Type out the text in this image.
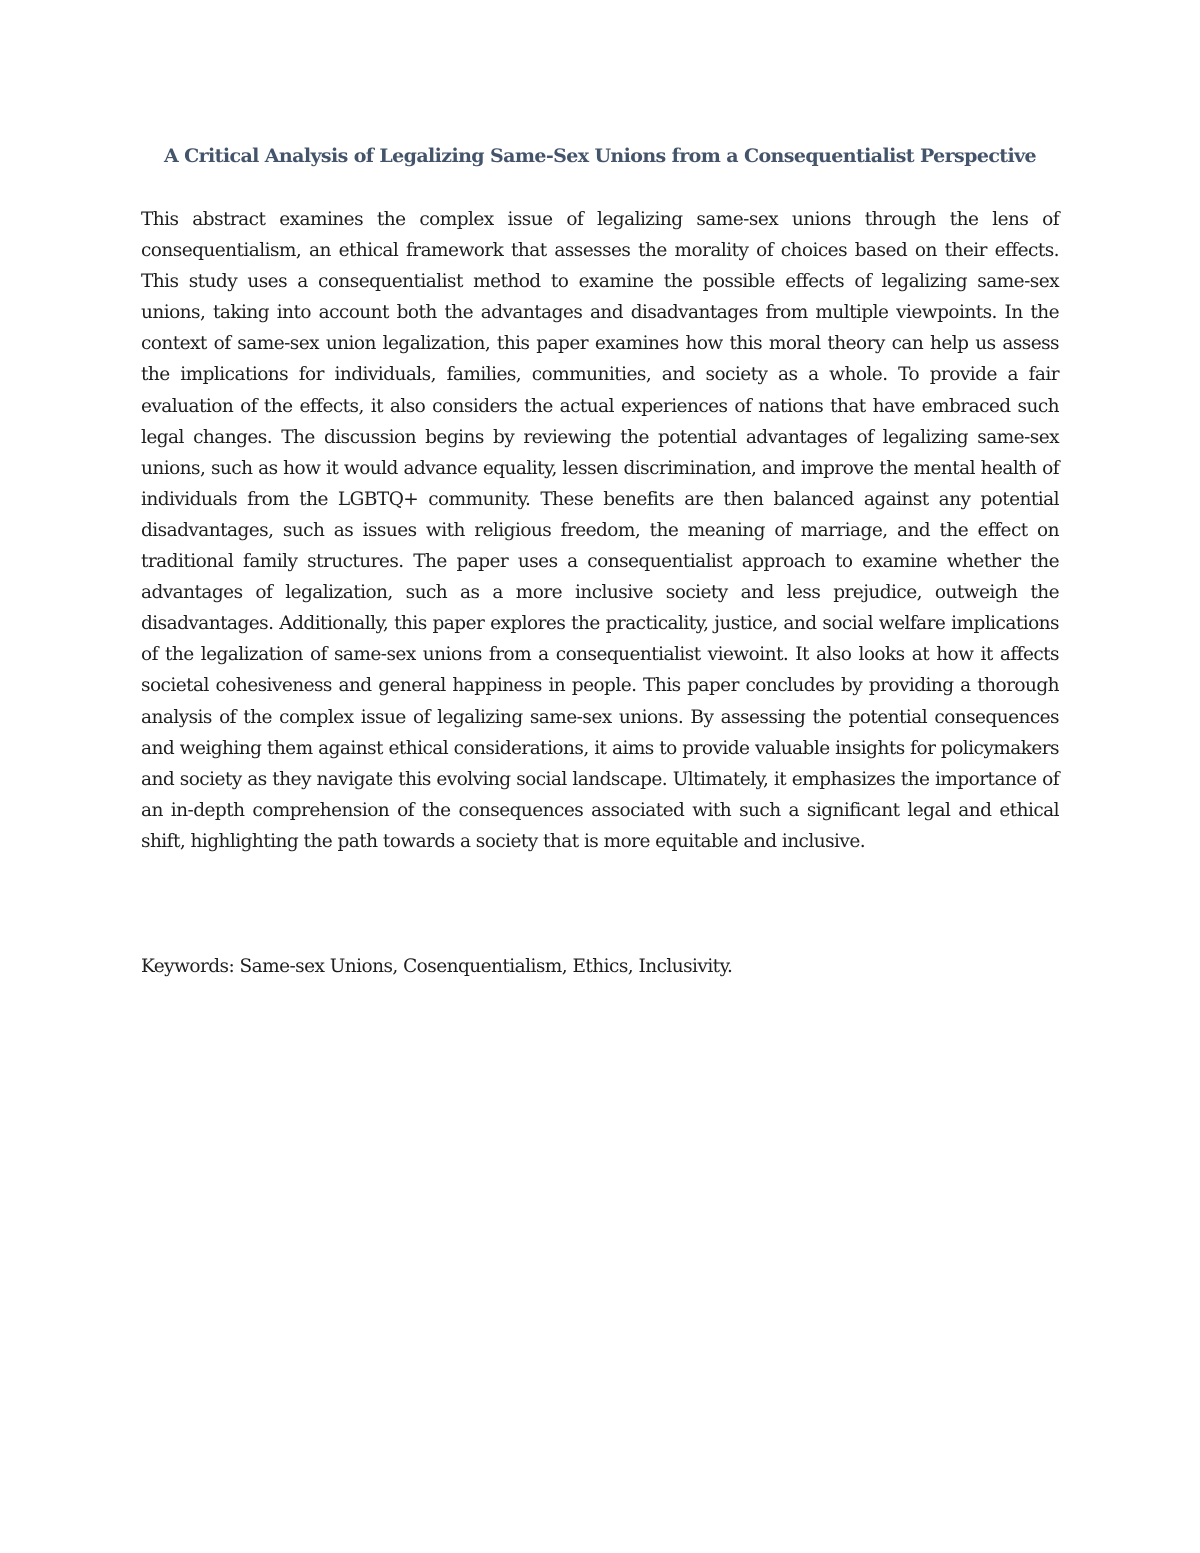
A Critical Analysis of Legalizing Same-Sex Unions from a Consequentialist Perspective

This abstract examines the complex issue of legalizing same-sex unions through the lens of consequentialism, an ethical framework that assesses the morality of choices based on their effects. This study uses a consequentialist method to examine the possible effects of legalizing same-sex unions, taking into account both the advantages and disadvantages from multiple viewpoints. In the context of same-sex union legalization, this paper examines how this moral theory can help us assess the implications for individuals, families, communities, and society as a whole. To provide a fair evaluation of the effects, it also considers the actual experiences of nations that have embraced such legal changes. The discussion begins by reviewing the potential advantages of legalizing same-sex unions, such as how it would advance equality, lessen discrimination, and improve the mental health of individuals from the LGBTQ+ community. These benefits are then balanced against any potential disadvantages, such as issues with religious freedom, the meaning of marriage, and the effect on traditional family structures. The paper uses a consequentialist approach to examine whether the advantages of legalization, such as a more inclusive society and less prejudice, outweigh the disadvantages. Additionally, this paper explores the practicality, justice, and social welfare implications of the legalization of same-sex unions from a consequentialist viewoint. It also looks at how it affects societal cohesiveness and general happiness in people. This paper concludes by providing a thorough analysis of the complex issue of legalizing same-sex unions. By assessing the potential consequences and weighing them against ethical considerations, it aims to provide valuable insights for policymakers and society as they navigate this evolving social landscape. Ultimately, it emphasizes the importance of an in-depth comprehension of the consequences associated with such a significant legal and ethical shift, highlighting the path towards a society that is more equitable and inclusive.

Keywords: Same-sex Unions, Cosenquentialism, Ethics, Inclusivity.
